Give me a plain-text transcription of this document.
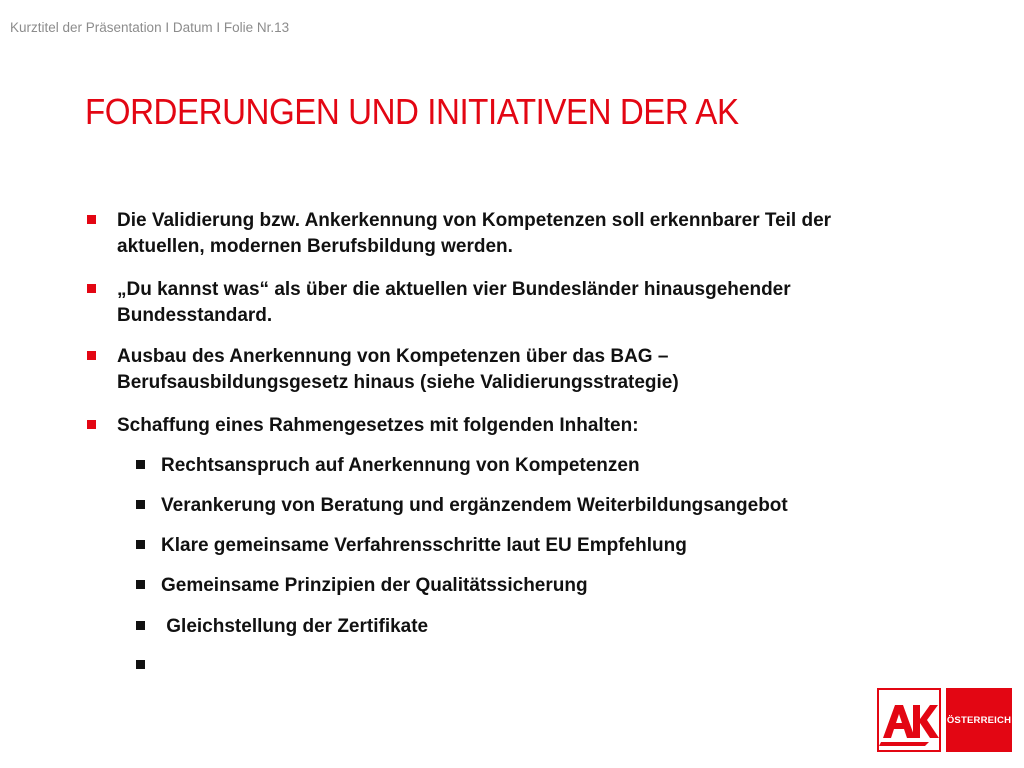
Kurztitel der Präsentation I Datum I Folie Nr.13
FORDERUNGEN UND INITIATIVEN DER AK
Die Validierung bzw. Ankerkennung von Kompetenzen soll erkennbarer Teil der
aktuellen, modernen Berufsbildung werden.
„Du kannst was“ als über die aktuellen vier Bundesländer hinausgehender
Bundesstandard.
Ausbau des Anerkennung von Kompetenzen über das BAG –
Berufsausbildungsgesetz hinaus (siehe Validierungsstrategie)
Schaffung eines Rahmengesetzes mit folgenden Inhalten:
Rechtsanspruch auf Anerkennung von Kompetenzen
Verankerung von Beratung und ergänzendem Weiterbildungsangebot
Klare gemeinsame Verfahrensschritte laut EU Empfehlung
Gemeinsame Prinzipien der Qualitätssicherung
Gleichstellung der Zertifikate
ÖSTERREICH
